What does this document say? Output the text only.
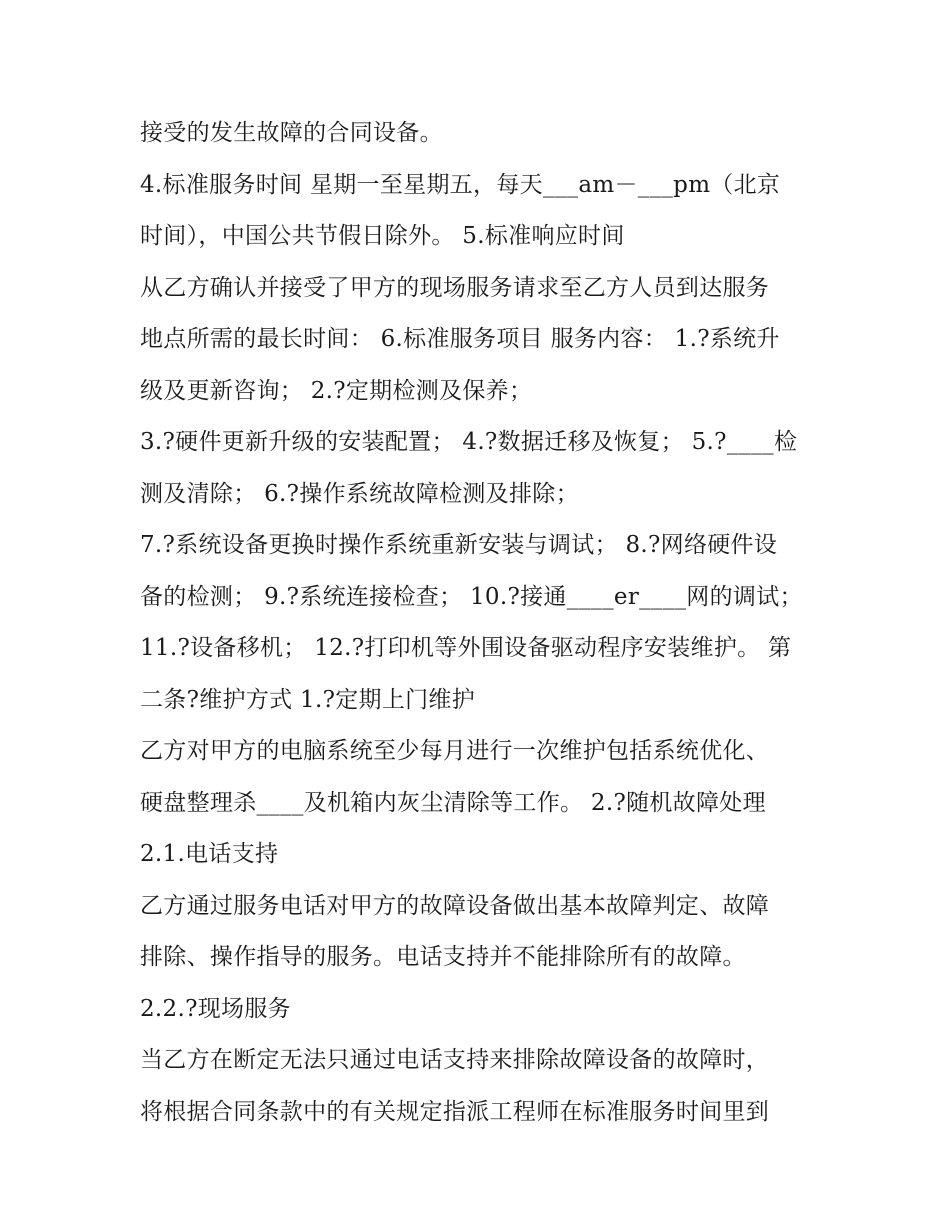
接受的发生故障的合同设备。
4.标准服务时间 星期一至星期五，每天___am－___pm（北京
时间），中国公共节假日除外。 5.标准响应时间
从乙方确认并接受了甲方的现场服务请求至乙方人员到达服务
地点所需的最长时间： 6.标准服务项目 服务内容： 1.?系统升
级及更新咨询； 2.?定期检测及保养；
3.?硬件更新升级的安装配置； 4.?数据迁移及恢复； 5.?____检
测及清除； 6.?操作系统故障检测及排除；
7.?系统设备更换时操作系统重新安装与调试； 8.?网络硬件设
备的检测； 9.?系统连接检查； 10.?接通____er____网的调试；
11.?设备移机； 12.?打印机等外围设备驱动程序安装维护。 第
二条?维护方式 1.?定期上门维护
乙方对甲方的电脑系统至少每月进行一次维护包括系统优化、
硬盘整理杀____及机箱内灰尘清除等工作。 2.?随机故障处理
2.1.电话支持
乙方通过服务电话对甲方的故障设备做出基本故障判定、故障
排除、操作指导的服务。电话支持并不能排除所有的故障。
2.2.?现场服务
当乙方在断定无法只通过电话支持来排除故障设备的故障时，
将根据合同条款中的有关规定指派工程师在标准服务时间里到
